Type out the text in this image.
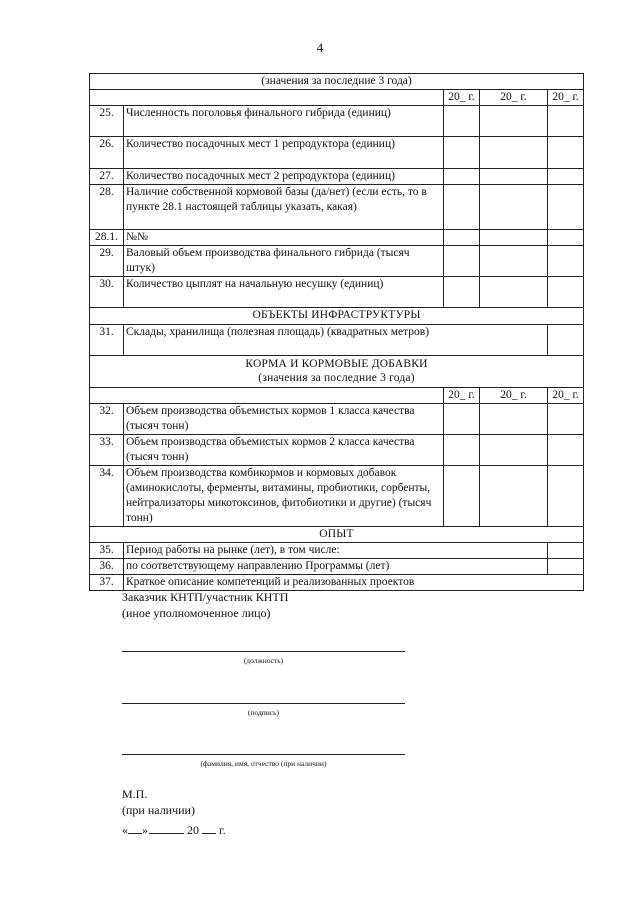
4
(значения за последние 3 года)				
		20_ г.	20_ г.	20_ г.
25.	Численность поголовья финального гибрида (единиц)			
26.	Количество посадочных мест 1 репродуктора (единиц)			
27.	Количество посадочных мест 2 репродуктора (единиц)			
28.	Наличие собственной кормовой базы (да/нет) (если есть, то в пункте 28.1 настоящей таблицы указать, какая)			
28.1.	№№			
29.	Валовый объем производства финального гибрида (тысяч штук)			
30.	Количество цыплят на начальную несушку (единиц)			
ОБЪЕКТЫ ИНФРАСТРУКТУРЫ				
31.	Склады, хранилища (полезная площадь) (квадратных метров)			

КОРМА И КОРМОВЫЕ ДОБАВКИ
(значения за последние 3 года)				

		20_ г.	20_ г.	20_ г.
32.	Объем производства объемистых кормов 1 класса качества (тысяч тонн)			
33.	Объем производства объемистых кормов 2 класса качества (тысяч тонн)			
34.	Объем производства комбикормов и кормовых добавок (аминокислоты, ферменты, витамины, пробиотики, сорбенты, нейтрализаторы микотоксинов, фитобиотики и другие) (тысяч тонн)			
ОПЫТ				
35.	Период работы на рынке (лет), в том числе:			
36.	по соответствующему направлению Программы (лет)			
37.	Краткое описание компетенций и реализованных проектов			
Заказчик КНТП/участник КНТП
(иное уполномоченное лицо)
(должность)
(подпись)
(фамилия, имя, отчество (при наличии)
М.П.
(при наличии)
« »	20 г.
